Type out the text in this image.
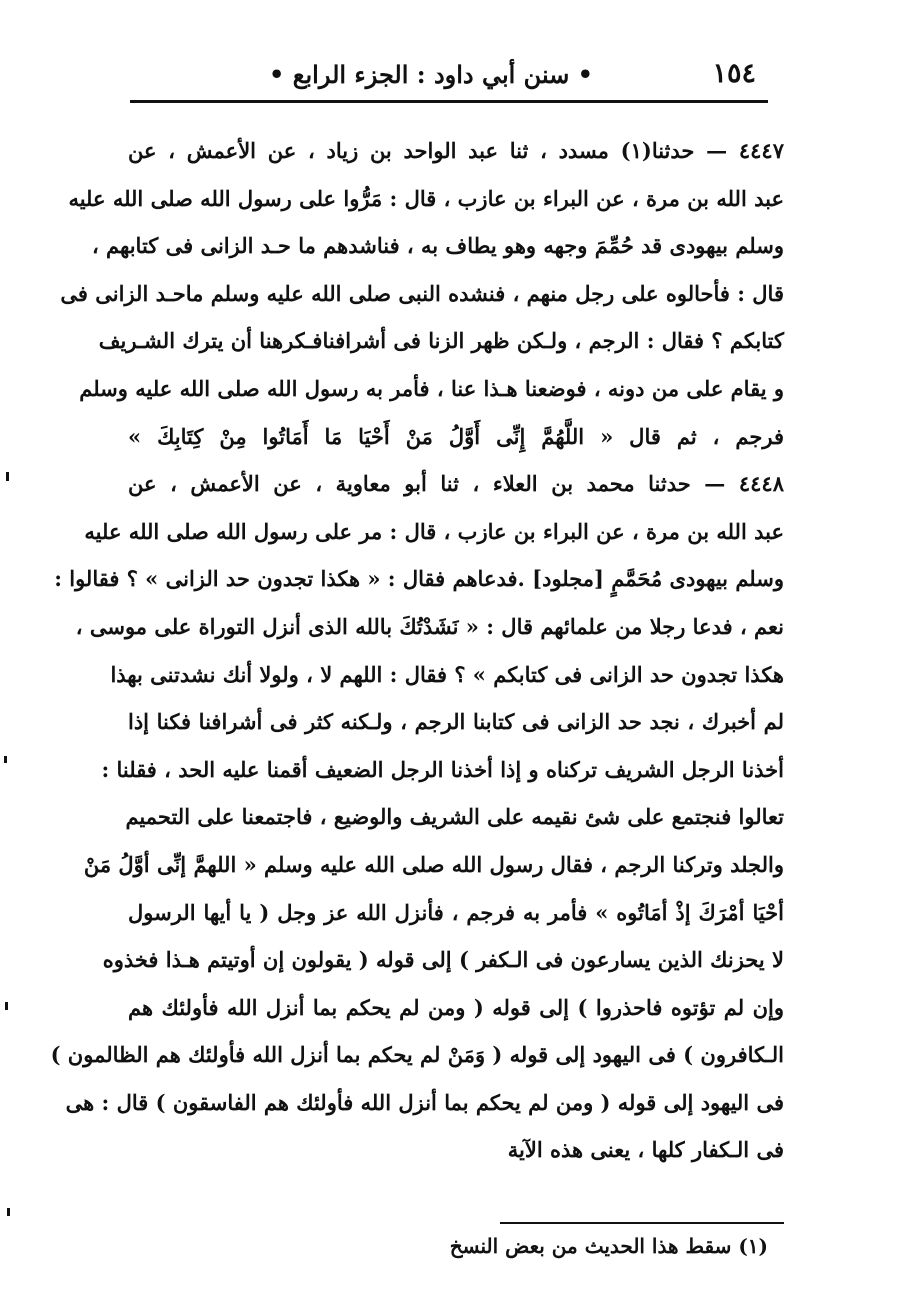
١٥٤
• سنن أبي داود : الجزء الرابع •
٤٤٤٧ — حدثنا(١) مسدد ، ثنا عبد الواحد بن زياد ، عن الأعمش ، عن
عبد الله بن مرة ، عن البراء بن عازب ، قال : مَرُّوا على رسول الله صلى الله عليه
وسلم بيهودى قد حُمِّمَ وجهه وهو يطاف به ، فناشدهم ما حـد الزانى فى كتابهم ،
قال : فأحالوه على رجل منهم ، فنشده النبى صلى الله عليه وسلم ماحـد الزانى فى
كتابكم ؟ فقال : الرجم ، ولـكن ظهر الزنا فى أشرافنافـكرهنا أن يترك الشـريف
و يقام على من دونه ، فوضعنا هـذا عنا ، فأمر به رسول الله صلى الله عليه وسلم
فرجم ، ثم قال « اللَّهُمَّ إِنِّى أَوَّلُ مَنْ أَحْيَا مَا أَمَاتُوا مِنْ كِتَابِكَ »
٤٤٤٨ — حدثنا محمد بن العلاء ، ثنا أبو معاوية ، عن الأعمش ، عن
عبد الله بن مرة ، عن البراء بن عازب ، قال : مر على رسول الله صلى الله عليه
وسلم بيهودى مُحَمَّمٍ [مجلود] .فدعاهم فقال : « هكذا تجدون حد الزانى » ؟ فقالوا :
نعم ، فدعا رجلا من علمائهم قال : « نَشَدْتُكَ بالله الذى أنزل التوراة على موسى ،
هكذا تجدون حد الزانى فى كتابكم » ؟ فقال : اللهم لا ، ولولا أنك نشدتنى بهذا
لم أخبرك ، نجد حد الزانى فى كتابنا الرجم ، ولـكنه كثر فى أشرافنا فكنا إذا
أخذنا الرجل الشريف تركناه و إذا أخذنا الرجل الضعيف أقمنا عليه الحد ، فقلنا :
تعالوا فنجتمع على شئ نقيمه على الشريف والوضيع ، فاجتمعنا على التحميم
والجلد وتركنا الرجم ، فقال رسول الله صلى الله عليه وسلم « اللهمَّ إنِّى أوَّلُ مَنْ
أحْيَا أمْرَكَ إذْ أمَاتُوه » فأمر به فرجم ، فأنزل الله عز وجل ( يا أيها الرسول
لا يحزنك الذين يسارعون فى الـكفر ) إلى قوله ( يقولون إن أوتيتم هـذا فخذوه
وإن لم تؤتوه فاحذروا ) إلى قوله ( ومن لم يحكم بما أنزل الله فأولئك هم
الـكافرون ) فى اليهود إلى قوله ( وَمَنْ لم يحكم بما أنزل الله فأولئك هم الظالمون )
فى اليهود إلى قوله ( ومن لم يحكم بما أنزل الله فأولئك هم الفاسقون ) قال : هى
فى الـكفار كلها ، يعنى هذه الآية
(١) سقط هذا الحديث من بعض النسخ
